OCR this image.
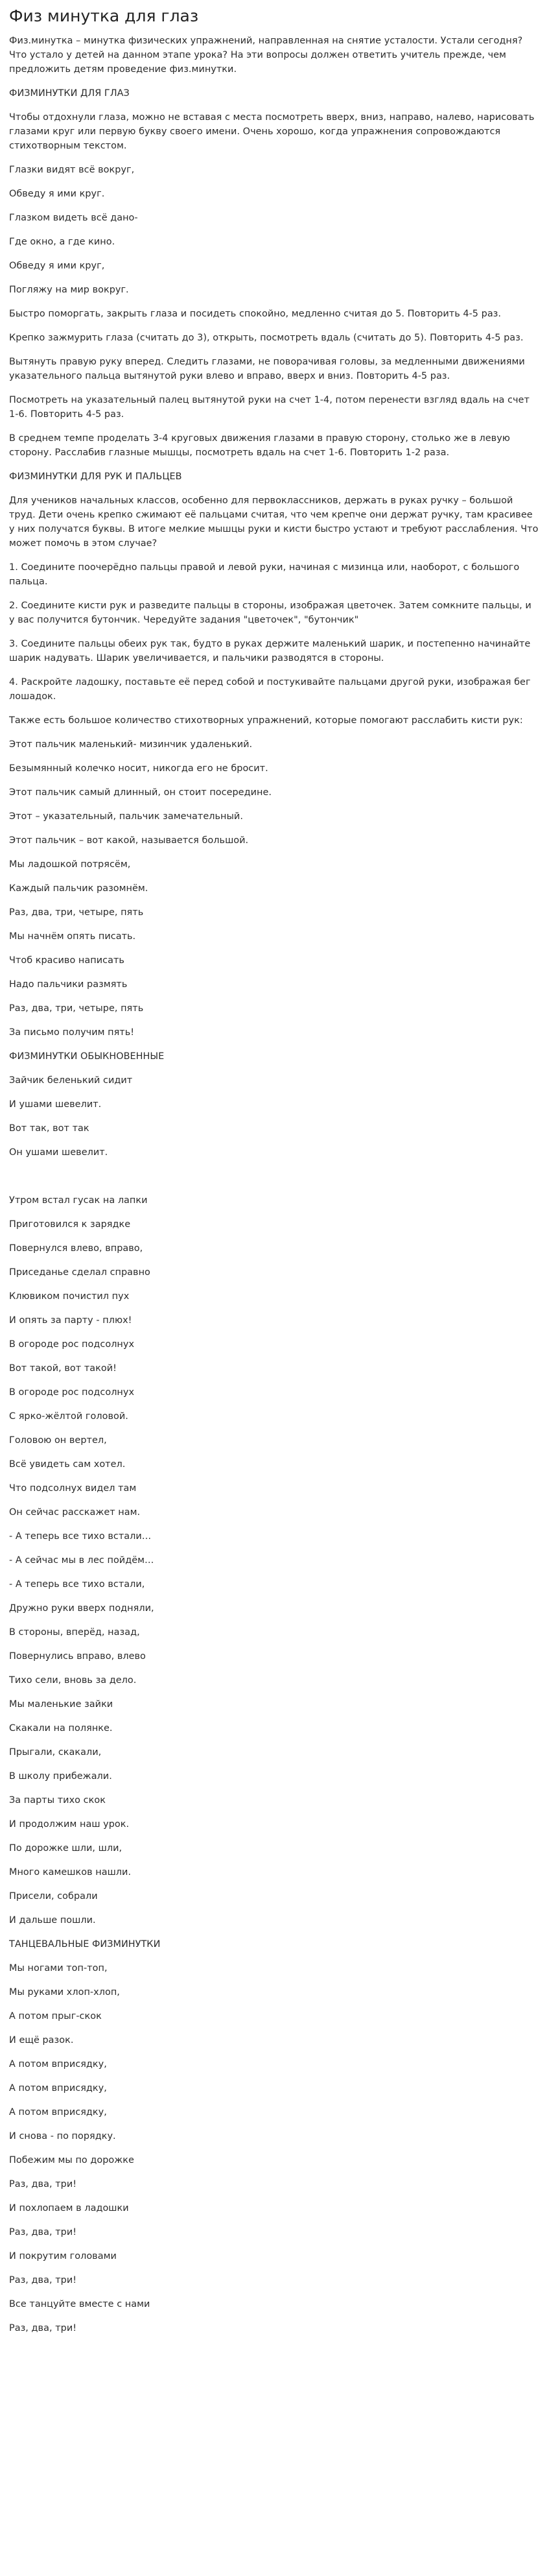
Физ минутка для глаз

Физ.минутка – минутка физических упражнений, направленная на снятие усталости. Устали сегодня? Что устало у детей на данном этапе урока? На эти вопросы должен ответить учитель прежде, чем предложить детям проведение физ.минутки.

ФИЗМИНУТКИ ДЛЯ ГЛАЗ

Чтобы отдохнули глаза, можно не вставая с места посмотреть вверх, вниз, направо, налево, нарисовать глазами круг или первую букву своего имени. Очень хорошо, когда упражнения сопровождаются стихотворным текстом.

Глазки видят всё вокруг,

Обведу я ими круг.

Глазком видеть всё дано-

Где окно, а где кино.

Обведу я ими круг,

Погляжу на мир вокруг.

Быстро поморгать, закрыть глаза и посидеть спокойно, медленно считая до 5. Повторить 4-5 раз.

Крепко зажмурить глаза (считать до 3), открыть, посмотреть вдаль (считать до 5). Повторить 4-5 раз.

Вытянуть правую руку вперед. Следить глазами, не поворачивая головы, за медленными движениями указательного пальца вытянутой руки влево и вправо, вверх и вниз. Повторить 4-5 раз.

Посмотреть на указательный палец вытянутой руки на счет 1-4, потом перенести взгляд вдаль на счет 1-6. Повторить 4-5 раз.

В среднем темпе проделать 3-4 круговых движения глазами в правую сторону, столько же в левую сторону. Расслабив глазные мышцы, посмотреть вдаль на счет 1-6. Повторить 1-2 раза.

ФИЗМИНУТКИ ДЛЯ РУК И ПАЛЬЦЕВ

Для учеников начальных классов, особенно для первоклассников, держать в руках ручку – большой труд. Дети очень крепко сжимают её пальцами считая, что чем крепче они держат ручку, там красивее у них получатся буквы. В итоге мелкие мышцы руки и кисти быстро устают и требуют расслабления. Что может помочь в этом случае?

1. Соедините поочерёдно пальцы правой и левой руки, начиная с мизинца или, наоборот, с большого пальца.

2. Соедините кисти рук и разведите пальцы в стороны, изображая цветочек. Затем сомкните пальцы, и у вас получится бутончик. Чередуйте задания "цветочек", "бутончик"

3. Соедините пальцы обеих рук так, будто в руках держите маленький шарик, и постепенно начинайте шарик надувать. Шарик увеличивается, и пальчики разводятся в стороны.

4. Раскройте ладошку, поставьте её перед собой и постукивайте пальцами другой руки, изображая бег лошадок.

Также есть большое количество стихотворных упражнений, которые помогают расслабить кисти рук:

Этот пальчик маленький- мизинчик удаленький.

Безымянный колечко носит, никогда его не бросит.

Этот пальчик самый длинный, он стоит посередине.

Этот – указательный, пальчик замечательный.

Этот пальчик – вот какой, называется большой.

Мы ладошкой потрясём,

Каждый пальчик разомнём.

Раз, два, три, четыре, пять

Мы начнём опять писать.

Чтоб красиво написать

Надо пальчики размять

Раз, два, три, четыре, пять

За письмо получим пять!

ФИЗМИНУТКИ ОБЫКНОВЕННЫЕ

Зайчик беленький сидит

И ушами шевелит.

Вот так, вот так

Он ушами шевелит.

Утром встал гусак на лапки

Приготовился к зарядке

Повернулся влево, вправо,

Приседанье сделал справно

Клювиком почистил пух

И опять за парту - плюх!

В огороде рос подсолнух

Вот такой, вот такой!

В огороде рос подсолнух

С ярко-жёлтой головой.

Головою он вертел,

Всё увидеть сам хотел.

Что подсолнух видел там

Он сейчас расскажет нам.

- А теперь все тихо встали…

- А сейчас мы в лес пойдём…

- А теперь все тихо встали,

Дружно руки вверх подняли,

В стороны, вперёд, назад,

Повернулись вправо, влево

Тихо сели, вновь за дело.

Мы маленькие зайки

Скакали на полянке.

Прыгали, скакали,

В школу прибежали.

За парты тихо скок

И продолжим наш урок.

По дорожке шли, шли,

Много камешков нашли.

Присели, собрали

И дальше пошли.

ТАНЦЕВАЛЬНЫЕ ФИЗМИНУТКИ

Мы ногами топ-топ,

Мы руками хлоп-хлоп,

А потом прыг-скок

И ещё разок.

А потом вприсядку,

А потом вприсядку,

А потом вприсядку,

И снова - по порядку.

Побежим мы по дорожке

Раз, два, три!

И похлопаем в ладошки

Раз, два, три!

И покрутим головами

Раз, два, три!

Все танцуйте вместе с нами

Раз, два, три!
